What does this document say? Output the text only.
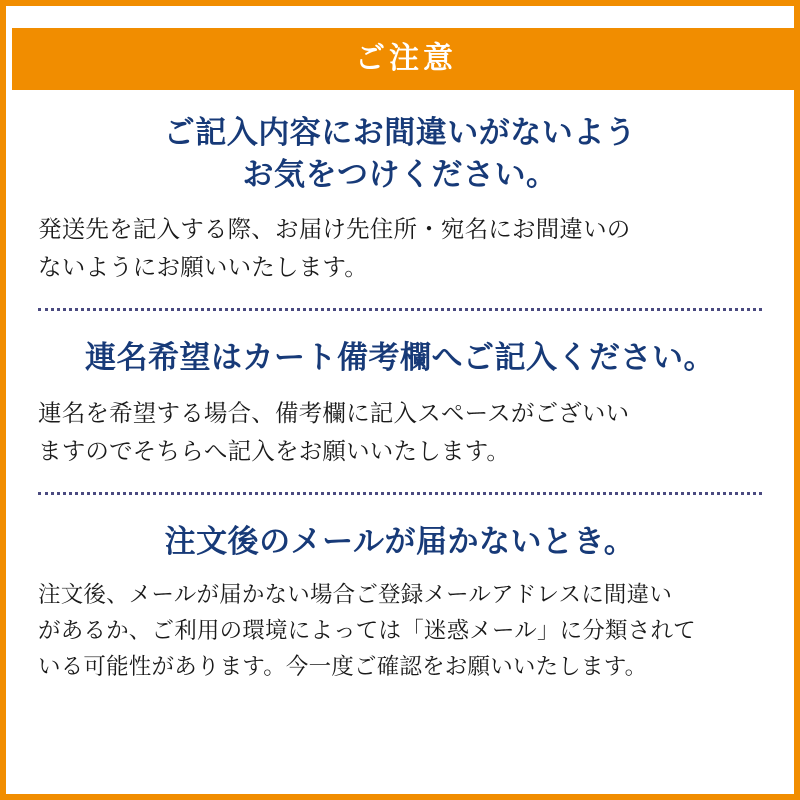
ご注意
ご記入内容にお間違いがないよう
お気をつけください。
発送先を記入する際、お届け先住所・宛名にお間違いの
ないようにお願いいたします。
連名希望はカート備考欄へご記入ください。
連名を希望する場合、備考欄に記入スペースがございい
ますのでそちらへ記入をお願いいたします。
注文後のメールが届かないとき。
注文後、メールが届かない場合ご登録メールアドレスに間違い
があるか、ご利用の環境によっては「迷惑メール」に分類されて
いる可能性があります。今一度ご確認をお願いいたします。
